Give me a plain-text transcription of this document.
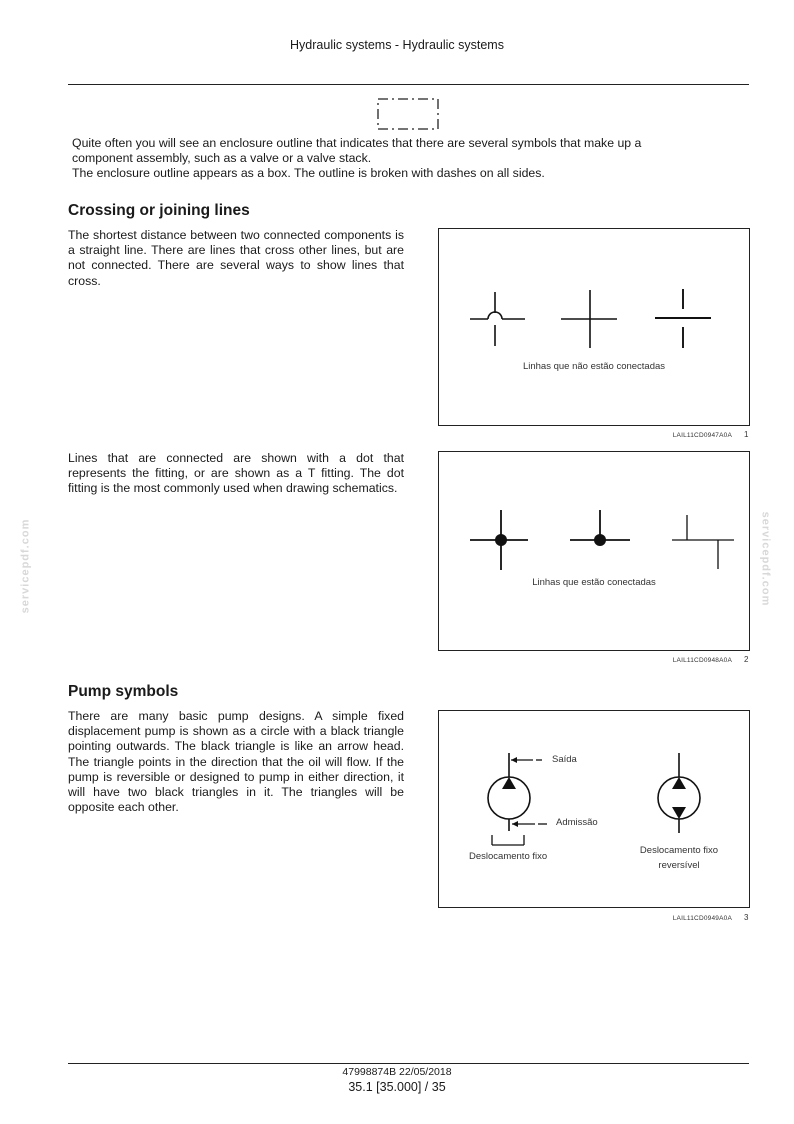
Hydraulic systems - Hydraulic systems
Quite often you will see an enclosure outline that indicates that there are several symbols that make up a
component assembly, such as a valve or a valve stack.
The enclosure outline appears as a box. The outline is broken with dashes on all sides.
Crossing or joining lines
The shortest distance between two connected components is a straight line. There are lines that cross other lines, but are not connected. There are several ways to show lines that cross.
Linhas que não estão conectadas
LAIL11CD0947A0A 1
Lines that are connected are shown with a dot that represents the fitting, or are shown as a T fitting. The dot fitting is the most commonly used when drawing schematics.
Linhas que estão conectadas
LAIL11CD0948A0A 2
Pump symbols
There are many basic pump designs. A simple fixed displacement pump is shown as a circle with a black triangle pointing outwards. The black triangle is like an arrow head. The triangle points in the direction that the oil will flow. If the pump is reversible or designed to pump in either direction, it will have two black triangles in it. The triangles will be opposite each other.
Saída
Admissão
Deslocamento fixo
Deslocamento fixo
reversível
LAIL11CD0949A0A 3
servicepdf.com	servicepdf.com
47998874B 22/05/2018
35.1 [35.000] / 35
